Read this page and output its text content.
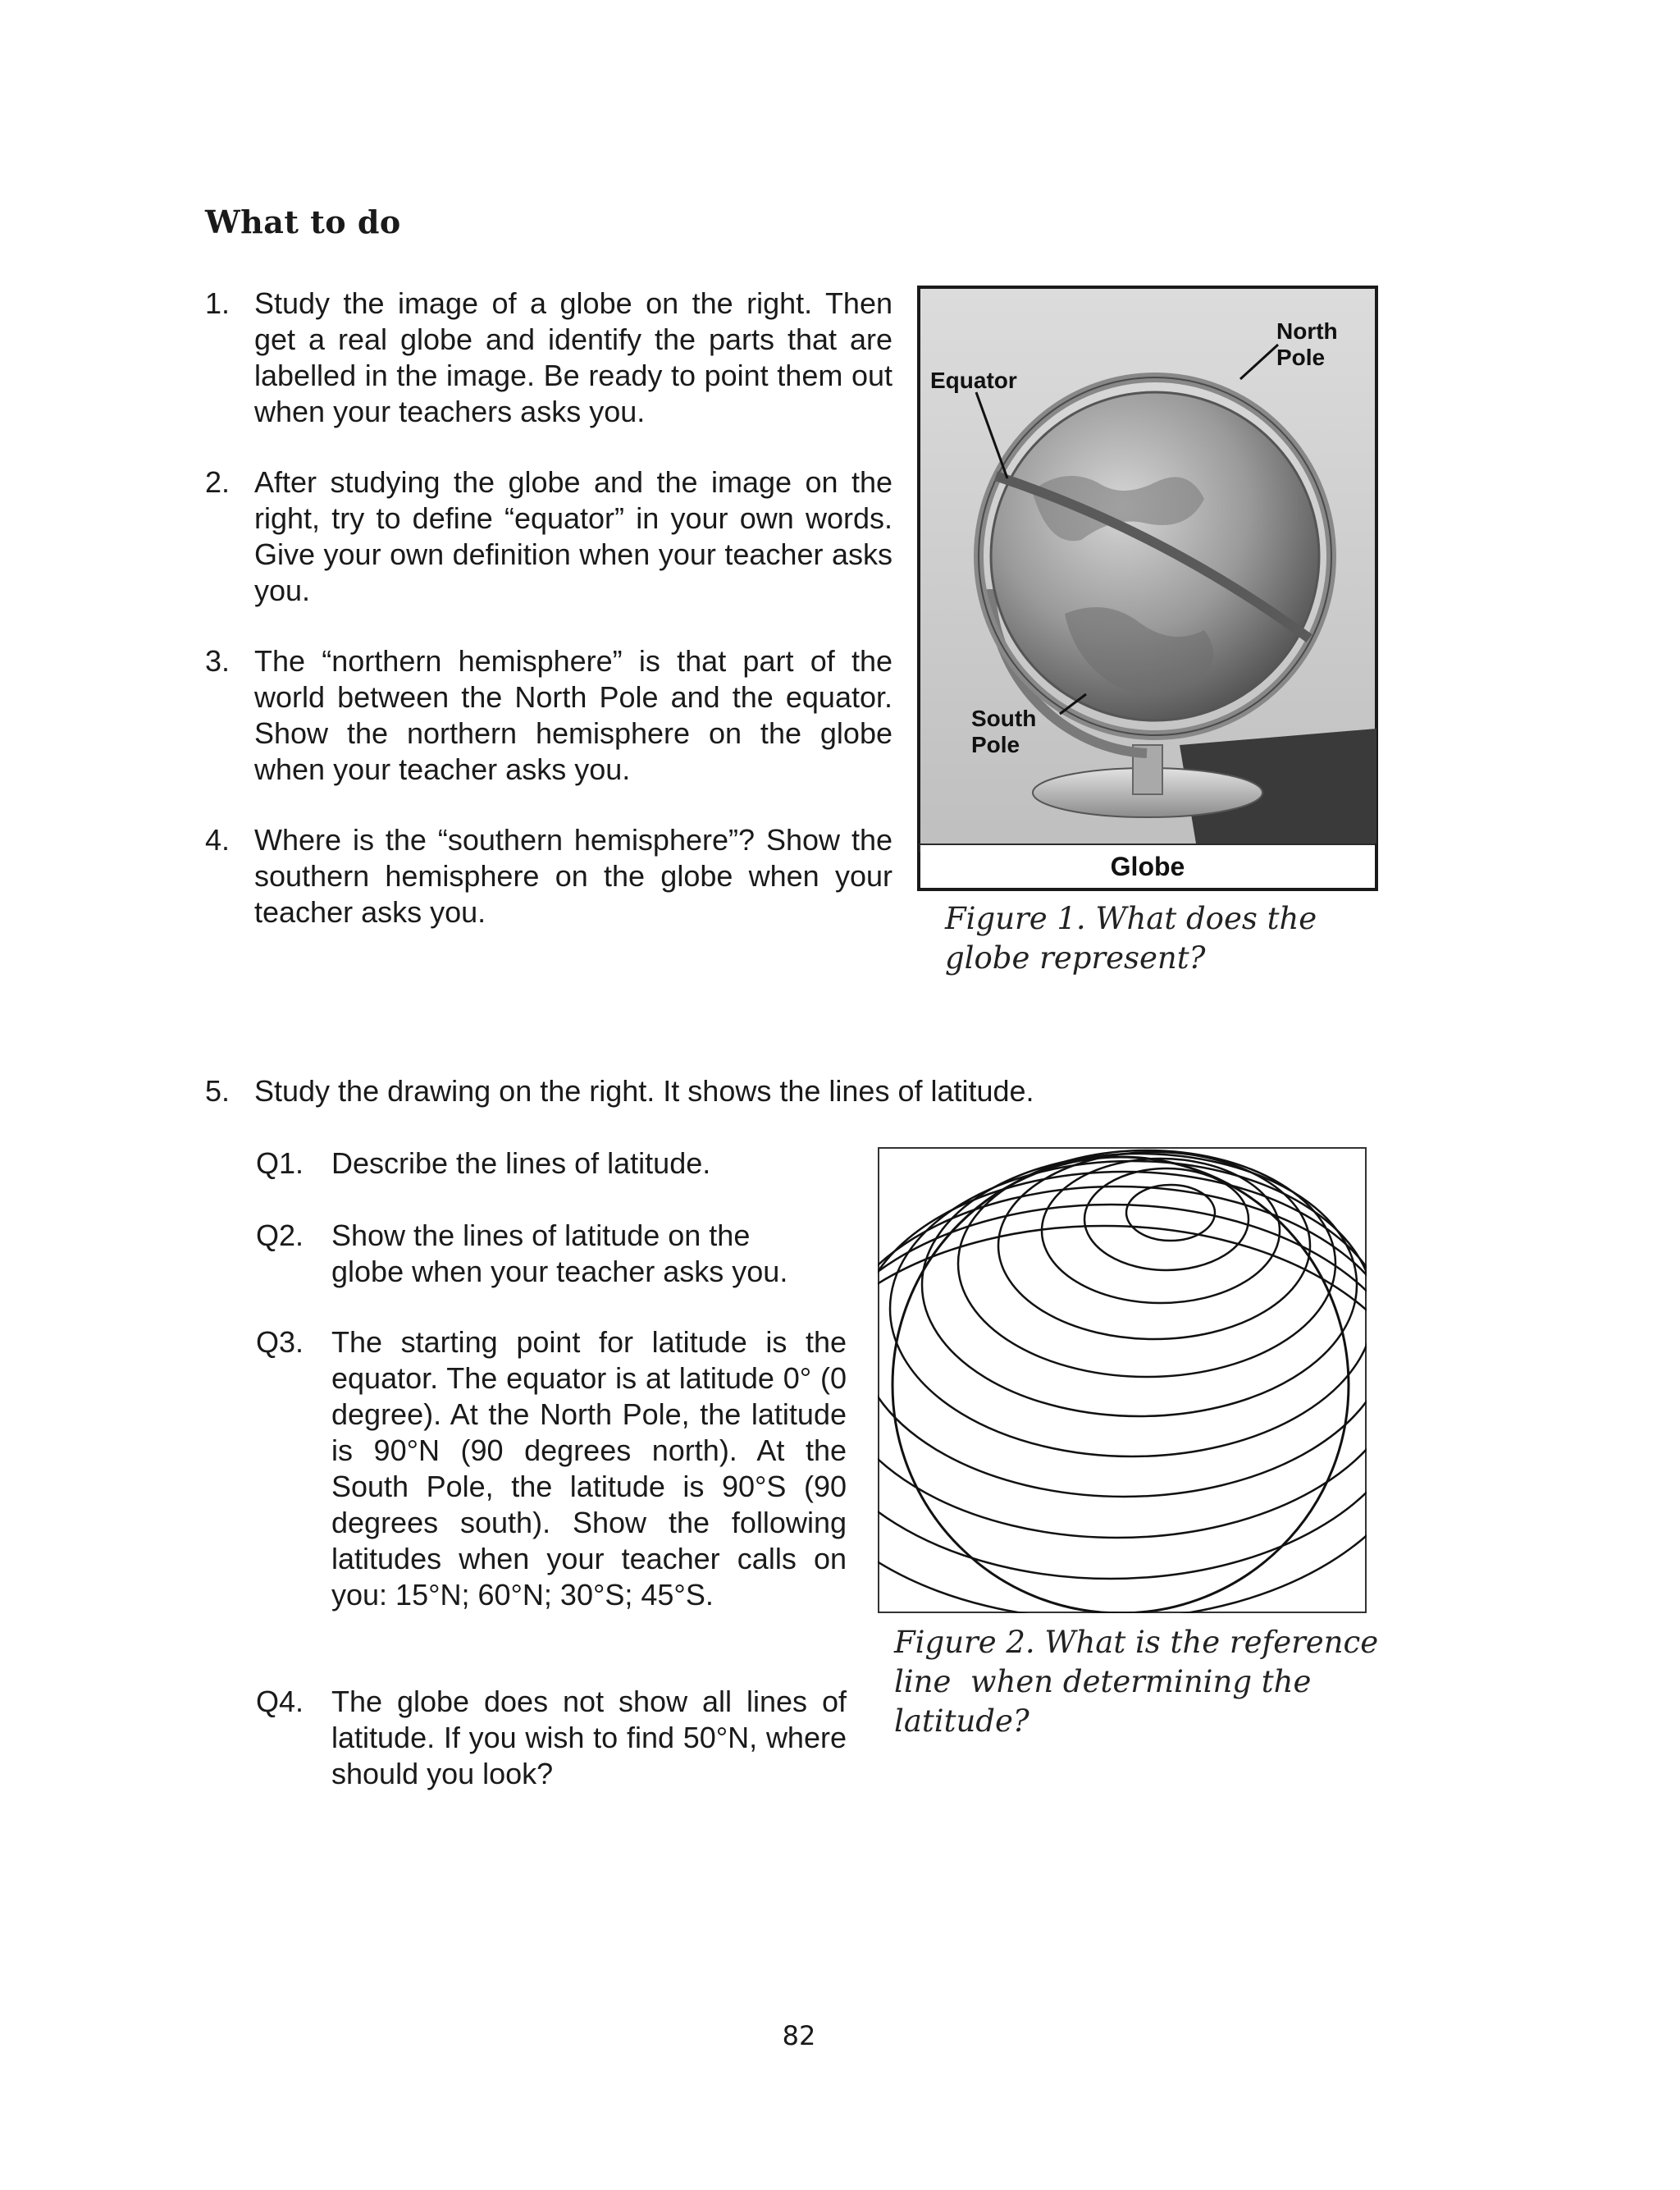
What to do
1. Study the image of a globe on the right. Then get a real globe and identify the parts that are labelled in the image. Be ready to point them out when your teachers asks you.
2. After studying the globe and the image on the right, try to define “equator” in your own words. Give your own definition when your teacher asks you.
3. The “northern hemisphere” is that part of the world between the North Pole and the equator. Show the northern hemisphere on the globe when your teacher asks you.
4. Where is the “southern hemisphere”? Show the southern hemisphere on the globe when your teacher asks you.
5. Study the drawing on the right. It shows the lines of latitude.
Q1. Describe the lines of latitude.
Q2. Show the lines of latitude on the globe when your teacher asks you.
Q3. The starting point for latitude is the equator. The equator is at latitude 0° (0 degree). At the North Pole, the latitude is 90°N (90 degrees north). At the South Pole, the latitude is 90°S (90 degrees south). Show the following latitudes when your teacher calls on you: 15°N; 60°N; 30°S; 45°S.
Q4. The globe does not show all lines of latitude. If you wish to find 50°N, where should you look?
North
Pole
Equator
South
Pole
Globe
Figure 1. What does the
globe represent?
Figure 2. What is the reference
line  when determining the
latitude?
82
